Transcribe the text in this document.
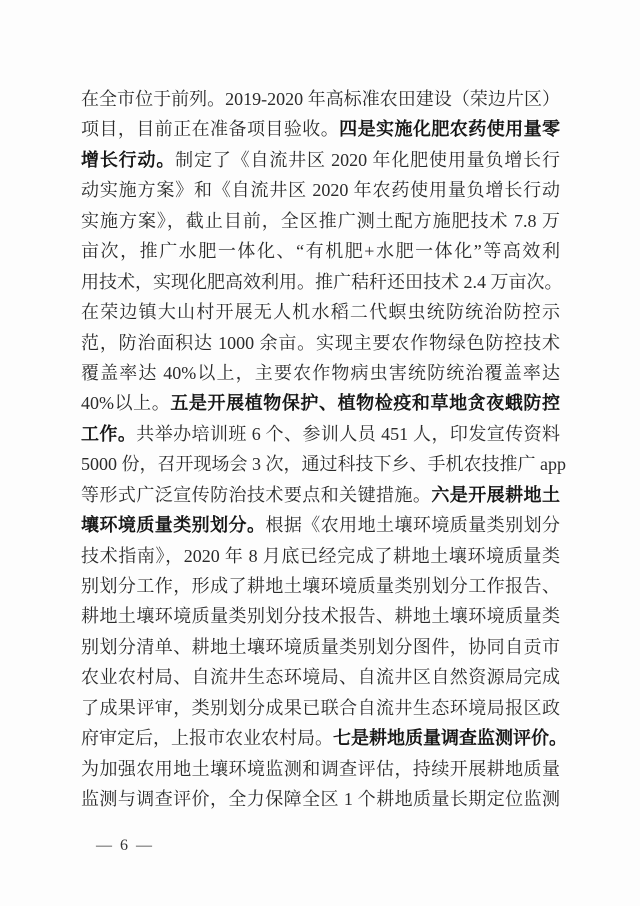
在全市位于前列。2019-2020 年高标准农田建设（荣边片区）
项目，目前正在准备项目验收。四是实施化肥农药使用量零
增长行动。制定了《自流井区 2020 年化肥使用量负增长行
动实施方案》和《自流井区 2020 年农药使用量负增长行动
实施方案》，截止目前，全区推广测土配方施肥技术 7.8 万
亩次，推广水肥一体化、“有机肥+水肥一体化”等高效利
用技术，实现化肥高效利用。推广秸秆还田技术 2.4 万亩次。
在荣边镇大山村开展无人机水稻二代螟虫统防统治防控示
范，防治面积达 1000 余亩。实现主要农作物绿色防控技术
覆盖率达 40%以上，主要农作物病虫害统防统治覆盖率达
40%以上。五是开展植物保护、植物检疫和草地贪夜蛾防控
工作。共举办培训班 6 个、参训人员 451 人，印发宣传资料
5000 份，召开现场会 3 次，通过科技下乡、手机农技推广 app
等形式广泛宣传防治技术要点和关键措施。六是开展耕地土
壤环境质量类别划分。根据《农用地土壤环境质量类别划分
技术指南》，2020 年 8 月底已经完成了耕地土壤环境质量类
别划分工作，形成了耕地土壤环境质量类别划分工作报告、
耕地土壤环境质量类别划分技术报告、耕地土壤环境质量类
别划分清单、耕地土壤环境质量类别划分图件，协同自贡市
农业农村局、自流井生态环境局、自流井区自然资源局完成
了成果评审，类别划分成果已联合自流井生态环境局报区政
府审定后，上报市农业农村局。七是耕地质量调查监测评价。
为加强农用地土壤环境监测和调查评估，持续开展耕地质量
监测与调查评价，全力保障全区 1 个耕地质量长期定位监测
— 6 —
